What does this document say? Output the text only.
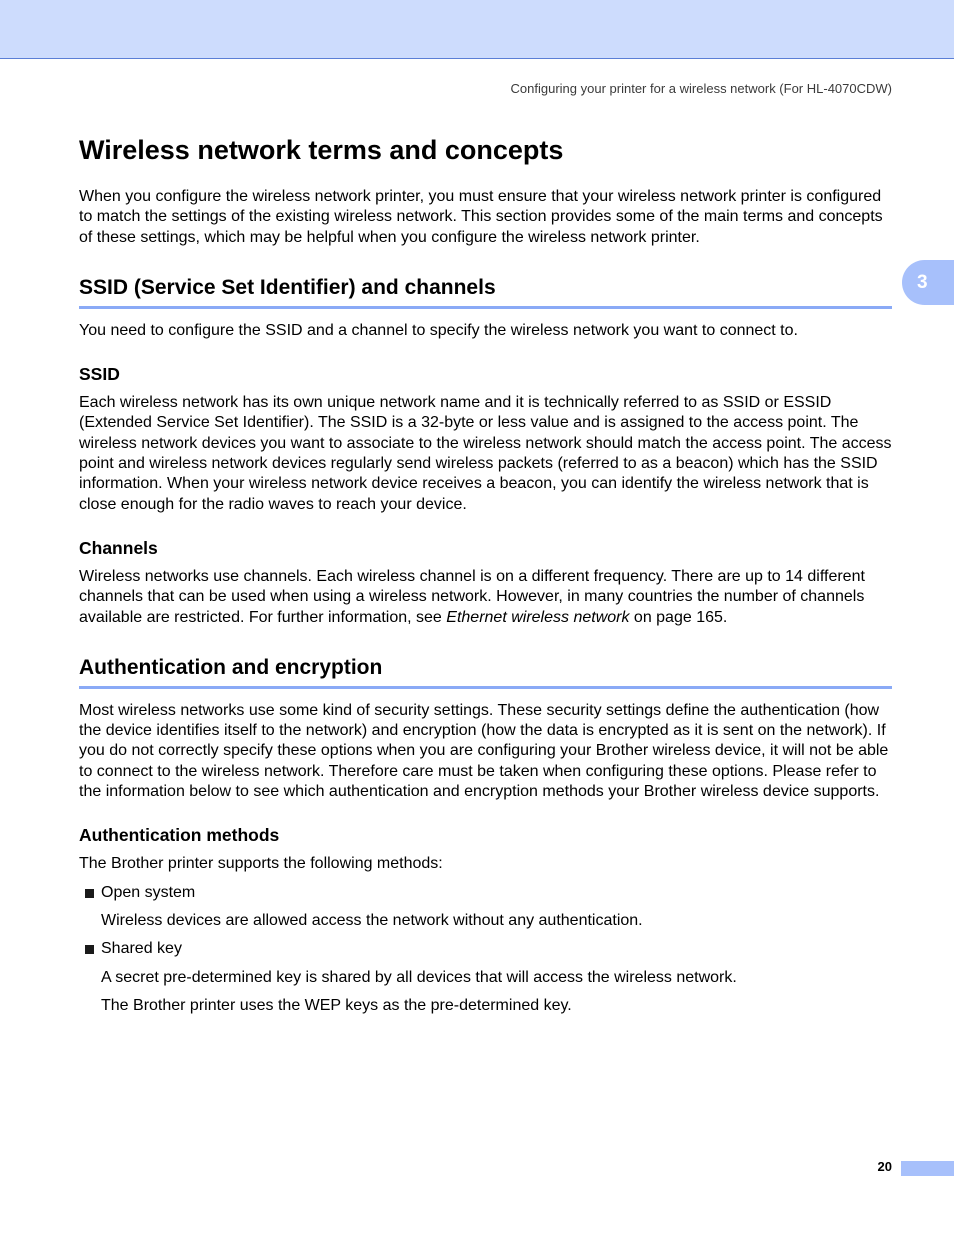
Configuring your printer for a wireless network (For HL-4070CDW)
3
Wireless network terms and concepts

When you configure the wireless network printer, you must ensure that your wireless network printer is configured to match the settings of the existing wireless network. This section provides some of the main terms and concepts of these settings, which may be helpful when you configure the wireless network printer.

SSID (Service Set Identifier) and channels

You need to configure the SSID and a channel to specify the wireless network you want to connect to.

SSID

Each wireless network has its own unique network name and it is technically referred to as SSID or ESSID (Extended Service Set Identifier). The SSID is a 32-byte or less value and is assigned to the access point. The wireless network devices you want to associate to the wireless network should match the access point. The access point and wireless network devices regularly send wireless packets (referred to as a beacon) which has the SSID information. When your wireless network device receives a beacon, you can identify the wireless network that is close enough for the radio waves to reach your device.

Channels

Wireless networks use channels. Each wireless channel is on a different frequency. There are up to 14 different channels that can be used when using a wireless network. However, in many countries the number of channels available are restricted. For further information, see Ethernet wireless network on page 165.

Authentication and encryption

Most wireless networks use some kind of security settings. These security settings define the authentication (how the device identifies itself to the network) and encryption (how the data is encrypted as it is sent on the network). If you do not correctly specify these options when you are configuring your Brother wireless device, it will not be able to connect to the wireless network. Therefore care must be taken when configuring these options. Please refer to the information below to see which authentication and encryption methods your Brother wireless device supports.

Authentication methods

The Brother printer supports the following methods:

Open system
Wireless devices are allowed access the network without any authentication.
Shared key
A secret pre-determined key is shared by all devices that will access the wireless network.
The Brother printer uses the WEP keys as the pre-determined key.
20
